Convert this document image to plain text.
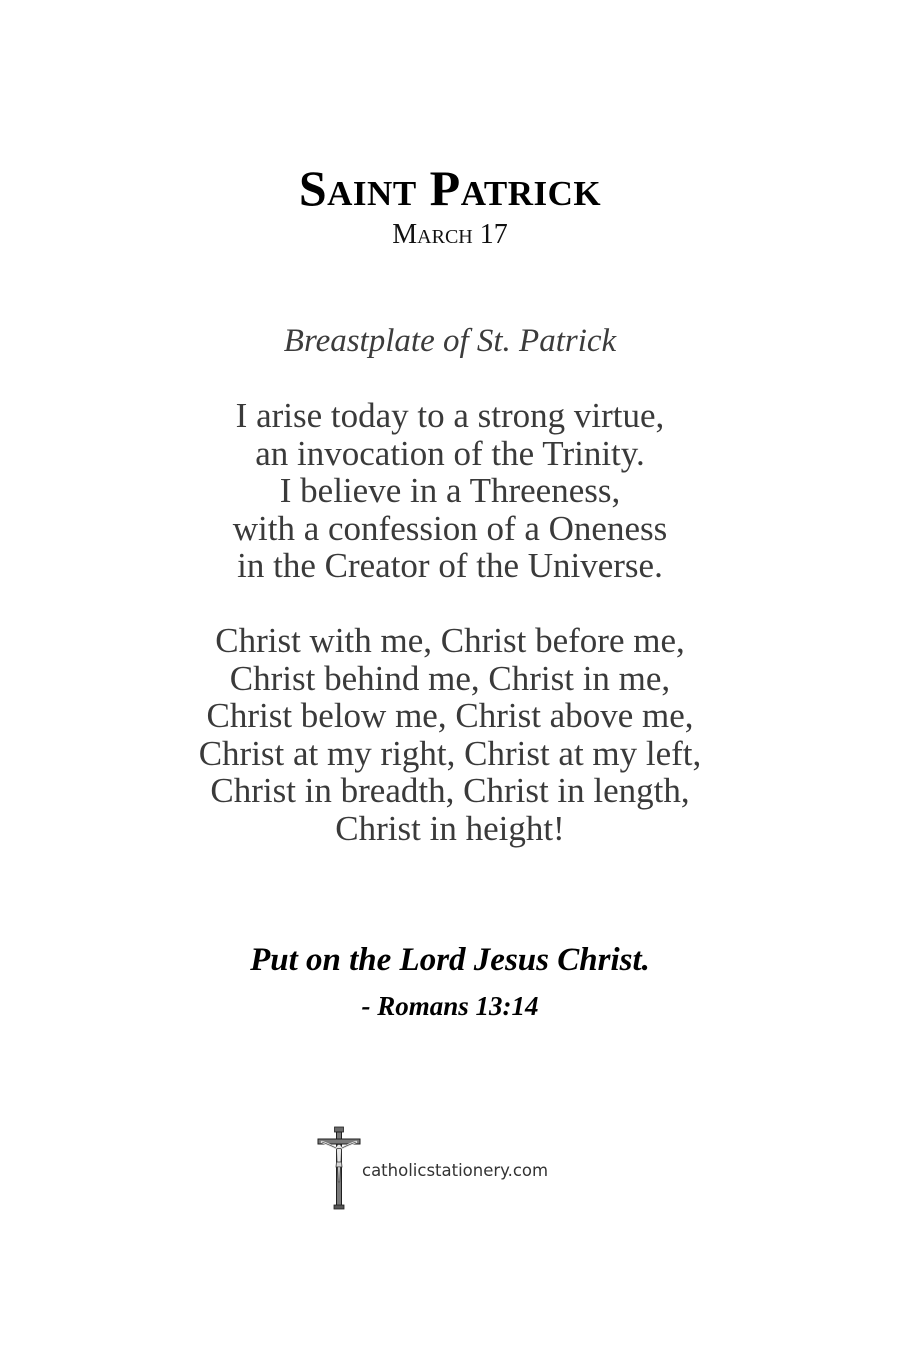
Saint Patrick
March 17
Breastplate of St. Patrick
I arise today to a strong virtue,
an invocation of the Trinity.
I believe in a Threeness,
with a confession of a Oneness
in the Creator of the Universe.
Christ with me, Christ before me,
Christ behind me, Christ in me,
Christ below me, Christ above me,
Christ at my right, Christ at my left,
Christ in breadth, Christ in length,
Christ in height!
Put on the Lord Jesus Christ.
- Romans 13:14
catholicstationery.com
